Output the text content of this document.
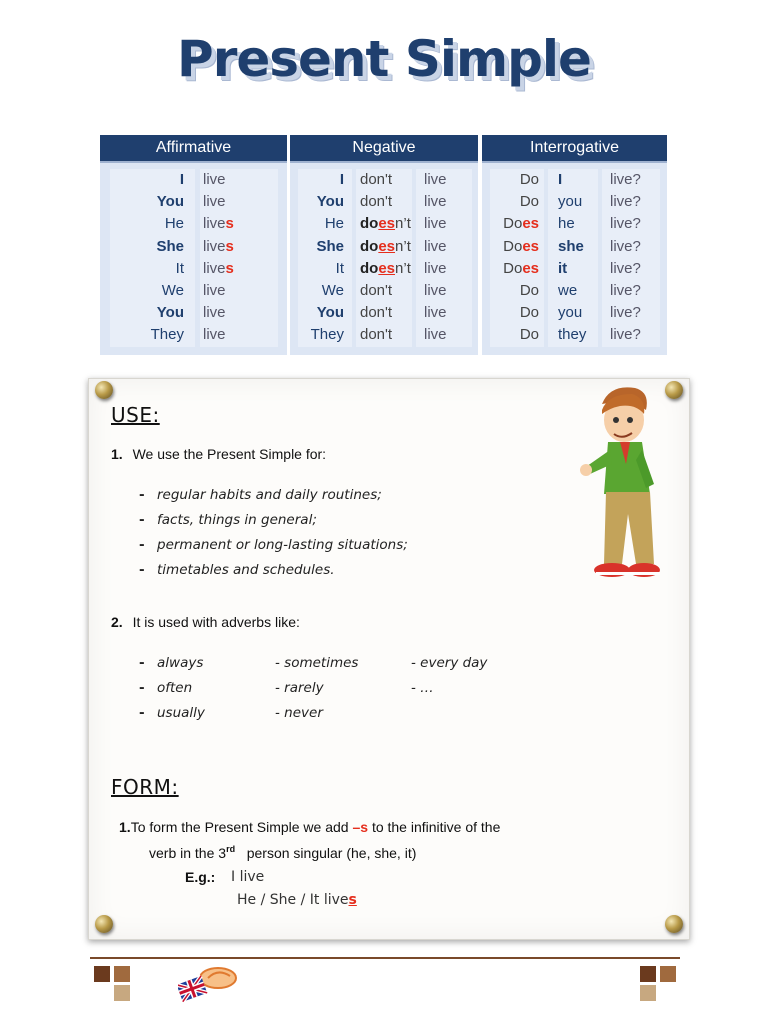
Present Simple
Affirmative
I live
You live
He lives
She lives
It lives
We live
You live
They live
Negative
I don't live
You don't live
He doesn’t live
She doesn’t live
It doesn’t live
We don't live
You don't live
They don't live
Interrogative
Do I	live?
Do you live?
Does he live?
Does she live?
Does it	live?
Do we live?
Do you live?
Do they live?
USE:
1. We use the Present Simple for:
- regular habits and daily routines;
- facts, things in general;
- permanent or long-lasting situations;
- timetables and schedules.
2. It is used with adverbs like:
- always
- often
- usually
- sometimes
- rarely
- never
- every day
- …
FORM:
1.To form the Present Simple we add –s to the infinitive of the
verb in the 3rd person singular (he, she, it)
E.g.: I live
He / She / It lives
